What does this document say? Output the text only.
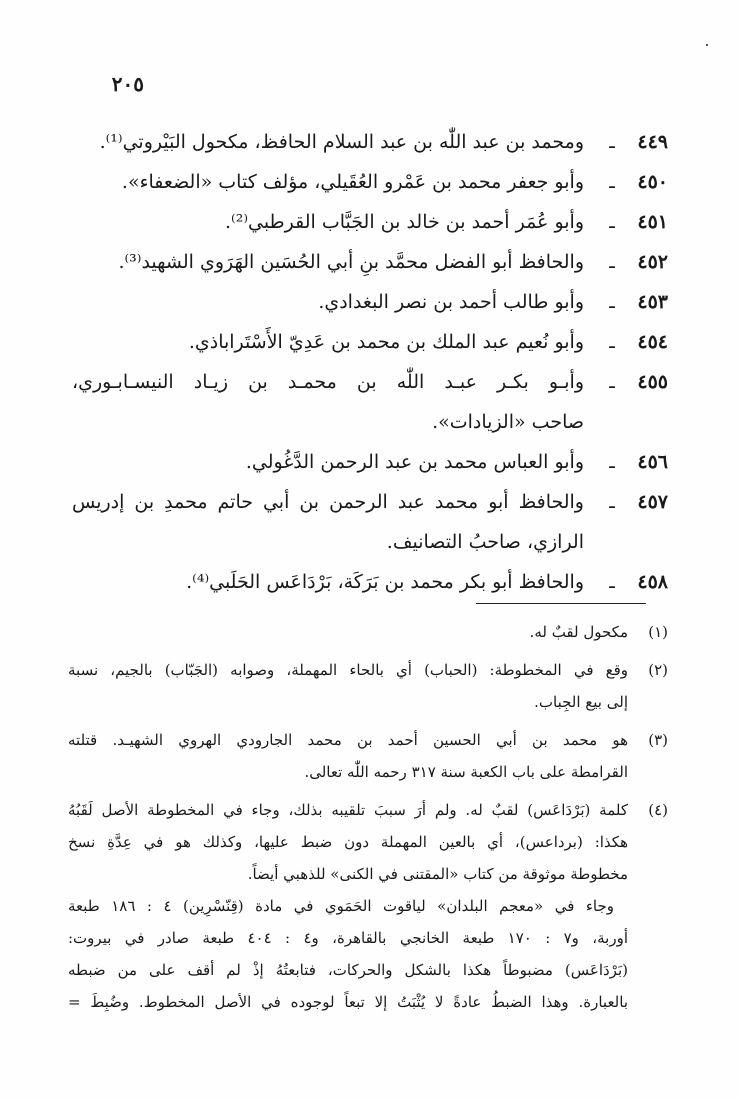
٢٠٥
٤٤٩
ـ
ومحمد بن عبد اللّٰه بن عبد السلام الحافظ، مكحول البَيْروتي⁽¹⁾.
٤٥٠
ـ
وأبو جعفر محمد بن عَمْرو العُقَيلي، مؤلف كتاب «الضعفاء».
٤٥١
ـ
وأبو عُمَر أحمد بن خالد بن الجَبَّاب القرطبي⁽²⁾.
٤٥٢
ـ
والحافظ أبو الفضل محمَّد بنِ أبي الحُسَين الهَرَوي الشهيد⁽³⁾.
٤٥٣
ـ
وأبو طالب أحمد بن نصر البغدادي.
٤٥٤
ـ
وأبو نُعيم عبد الملك بن محمد بن عَدِيّ الأَسْتَراباذي.
٤٥٥
ـ
وأبـو بكـر عبـد اللّٰه بن محمـد بن زيـاد النيسـابـوري،
صاحب «الزيادات».
٤٥٦
ـ
وأبو العباس محمد بن عبد الرحمن الدَّغُولي.
٤٥٧
ـ
والحافظ أبو محمد عبد الرحمن بن أبي حاتم محمدِ بن إدريس
الرازي، صاحبُ التصانيف.
٤٥٨
ـ
والحافظ أبو بكر محمد بن بَرَكَة، بَرْدَاعَس الحَلَبي⁽⁴⁾.
(١)
مكحول لقبٌ له.
(٢)
وقع في المخطوطة: (الحباب) أي بالحاء المهملة، وصوابه (الجَبّاب) بالجيم، نسبة
إلى بيع الجِباب.
(٣)
هو محمد بن أبي الحسين أحمد بن محمد الجارودي الهروي الشهيـد. قتلته
القرامطة على باب الكعبة سنة ٣١٧ رحمه اللّٰه تعالى.
(٤)
كلمة (بَرْدَاعَس) لقبٌ له. ولم أرَ سببَ تلقيبه بذلك، وجاء في المخطوطة الأصل لَقَبُهُ
هكذا: (برداعس)، أي بالعين المهملة دون ضبط عليها، وكذلك هو في عِدَّةِ نسخ
مخطوطة موثوقة من كتاب «المقتنى في الكنى» للذهبي أيضاً.
وجاء في «معجم البلدان» لياقوت الحَمَوي في مادة (قِنّسْرِين) ٤ : ١٨٦ طبعة
أوربة، و٧ : ١٧٠ طبعة الخانجي بالقاهرة، و٤ : ٤٠٤ طبعة صادر في بيروت:
(بَرْدَاعَس) مضبوطاً هكذا بالشكل والحركات، فتابعتُهُ إذْ لم أقف على من ضبطه
بالعبارة. وهذا الضبطُ عادةً لا يُثْبَتُ إلا تبعاً لوجوده في الأصل المخطوط. وضُبِطَ =
